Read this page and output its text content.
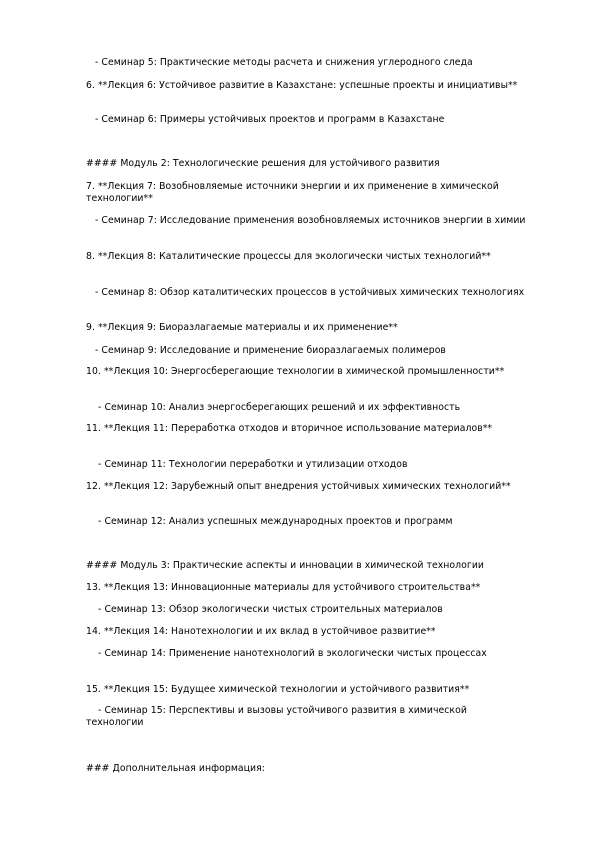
- Семинар 5: Практические методы расчета и снижения углеродного следа
6. **Лекция 6: Устойчивое развитие в Казахстане: успешные проекты и инициативы**
- Семинар 6: Примеры устойчивых проектов и программ в Казахстане
#### Модуль 2: Технологические решения для устойчивого развития
7. **Лекция 7: Возобновляемые источники энергии и их применение в химической технологии**
- Семинар 7: Исследование применения возобновляемых источников энергии в химии
8. **Лекция 8: Каталитические процессы для экологически чистых технологий**
- Семинар 8: Обзор каталитических процессов в устойчивых химических технологиях
9. **Лекция 9: Биоразлагаемые материалы и их применение**
- Семинар 9: Исследование и применение биоразлагаемых полимеров
10. **Лекция 10: Энергосберегающие технологии в химической промышленности**
- Семинар 10: Анализ энергосберегающих решений и их эффективность
11. **Лекция 11: Переработка отходов и вторичное использование материалов**
- Семинар 11: Технологии переработки и утилизации отходов
12. **Лекция 12: Зарубежный опыт внедрения устойчивых химических технологий**
- Семинар 12: Анализ успешных международных проектов и программ
#### Модуль 3: Практические аспекты и инновации в химической технологии
13. **Лекция 13: Инновационные материалы для устойчивого строительства**
- Семинар 13: Обзор экологически чистых строительных материалов
14. **Лекция 14: Нанотехнологии и их вклад в устойчивое развитие**
- Семинар 14: Применение нанотехнологий в экологически чистых процессах
15. **Лекция 15: Будущее химической технологии и устойчивого развития**
- Семинар 15: Перспективы и вызовы устойчивого развития в химической технологии
### Дополнительная информация:
